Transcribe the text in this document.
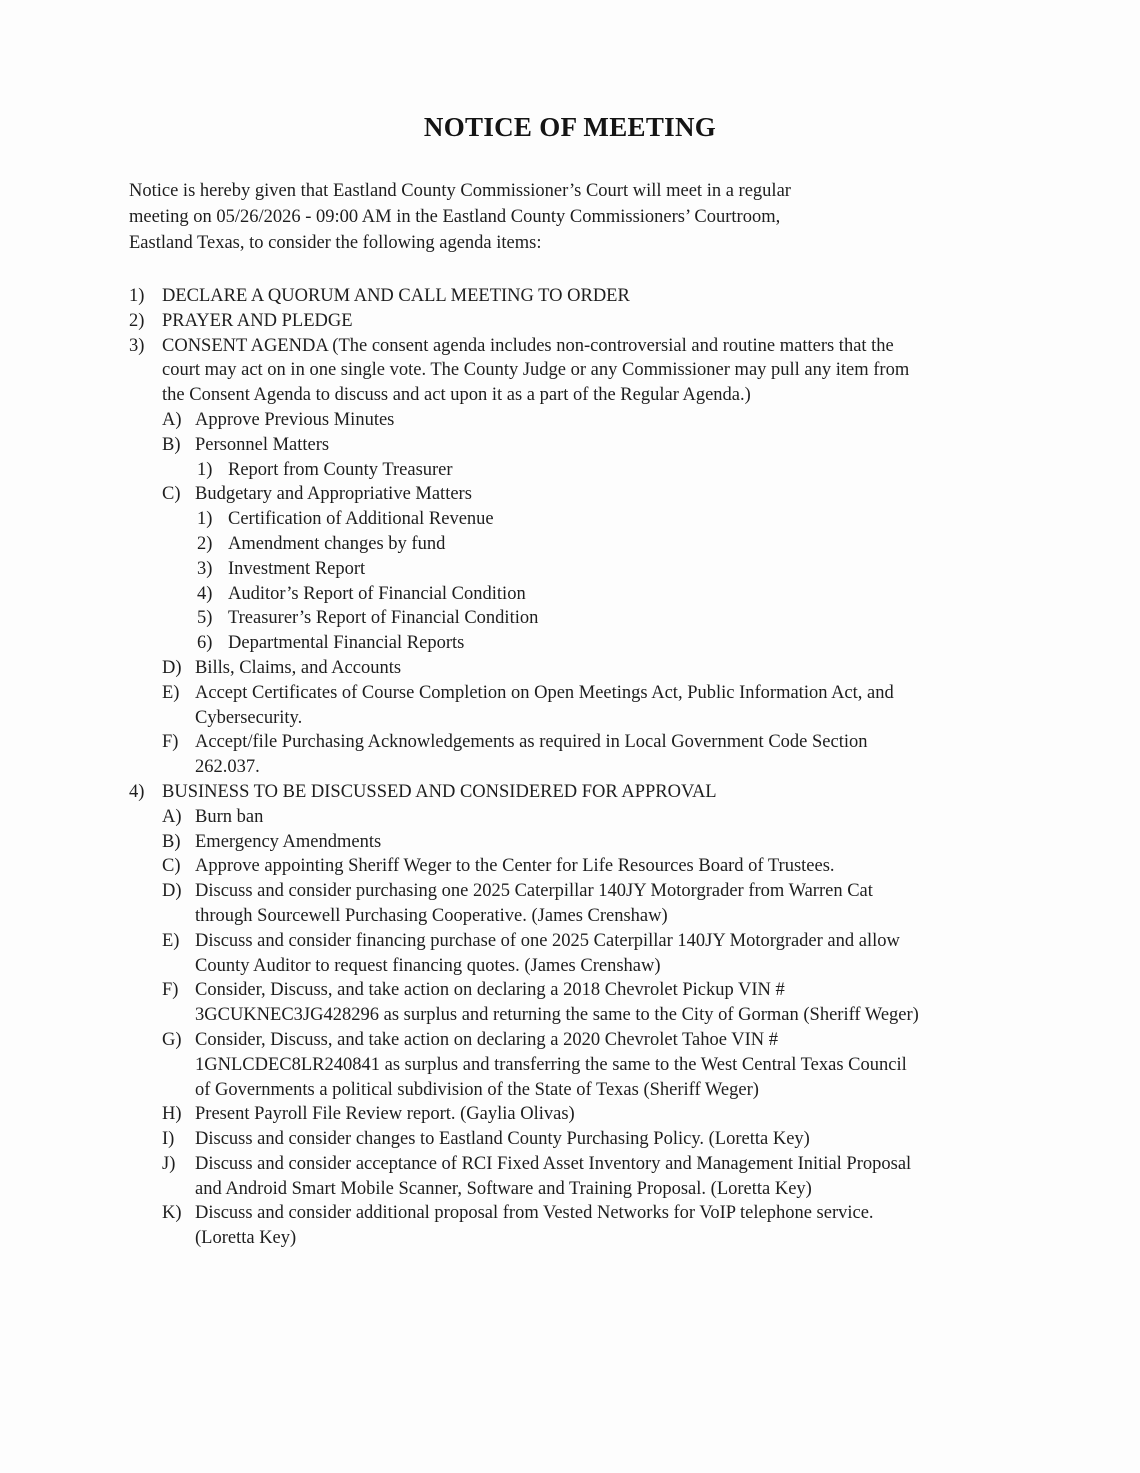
NOTICE OF MEETING
Notice is hereby given that Eastland County Commissioner’s Court will meet in a regular
meeting on 05/26/2026 - 09:00 AM in the Eastland County Commissioners’ Courtroom,
Eastland Texas, to consider the following agenda items:
1) DECLARE A QUORUM AND CALL MEETING TO ORDER
2) PRAYER AND PLEDGE
3) CONSENT AGENDA (The consent agenda includes non-controversial and routine matters that the
court may act on in one single vote. The County Judge or any Commissioner may pull any item from
the Consent Agenda to discuss and act upon it as a part of the Regular Agenda.)
A) Approve Previous Minutes
B) Personnel Matters
1) Report from County Treasurer
C) Budgetary and Appropriative Matters
1) Certification of Additional Revenue
2) Amendment changes by fund
3) Investment Report
4) Auditor’s Report of Financial Condition
5) Treasurer’s Report of Financial Condition
6) Departmental Financial Reports
D) Bills, Claims, and Accounts
E) Accept Certificates of Course Completion on Open Meetings Act, Public Information Act, and
Cybersecurity.
F) Accept/file Purchasing Acknowledgements as required in Local Government Code Section
262.037.
4) BUSINESS TO BE DISCUSSED AND CONSIDERED FOR APPROVAL
A) Burn ban
B) Emergency Amendments
C) Approve appointing Sheriff Weger to the Center for Life Resources Board of Trustees.
D) Discuss and consider purchasing one 2025 Caterpillar 140JY Motorgrader from Warren Cat
through Sourcewell Purchasing Cooperative. (James Crenshaw)
E) Discuss and consider financing purchase of one 2025 Caterpillar 140JY Motorgrader and allow
County Auditor to request financing quotes. (James Crenshaw)
F) Consider, Discuss, and take action on declaring a 2018 Chevrolet Pickup VIN #
3GCUKNEC3JG428296 as surplus and returning the same to the City of Gorman (Sheriff Weger)
G) Consider, Discuss, and take action on declaring a 2020 Chevrolet Tahoe VIN #
1GNLCDEC8LR240841 as surplus and transferring the same to the West Central Texas Council
of Governments a political subdivision of the State of Texas (Sheriff Weger)
H) Present Payroll File Review report. (Gaylia Olivas)
I) Discuss and consider changes to Eastland County Purchasing Policy. (Loretta Key)
J) Discuss and consider acceptance of RCI Fixed Asset Inventory and Management Initial Proposal
and Android Smart Mobile Scanner, Software and Training Proposal. (Loretta Key)
K) Discuss and consider additional proposal from Vested Networks for VoIP telephone service.
(Loretta Key)
